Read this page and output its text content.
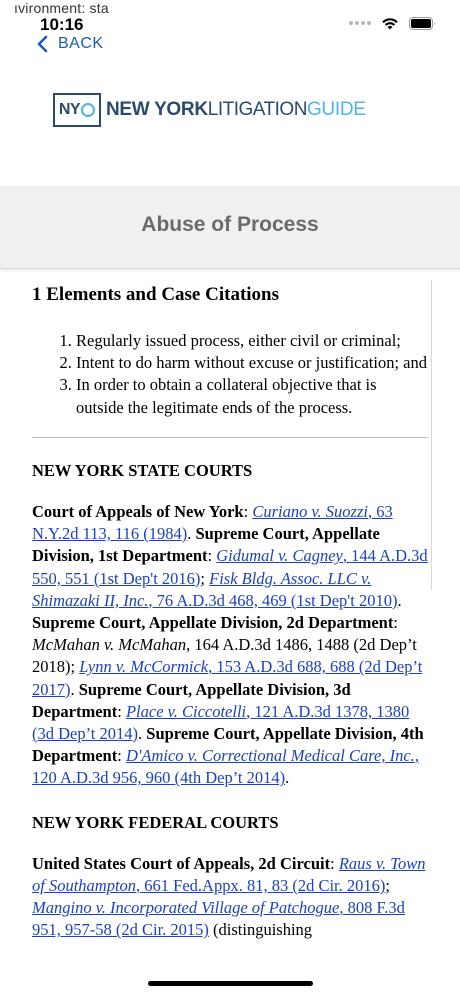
ıvironment: sta
10:16
BACK
NY NEW YORK LITIGATION GUIDE
Abuse of Process
1 Elements and Case Citations
1. Regularly issued process, either civil or criminal;
2. Intent to do harm without excuse or justification; and
3. In order to obtain a collateral objective that is outside the legitimate ends of the process.
NEW YORK STATE COURTS
Court of Appeals of New York: Curiano v. Suozzi, 63 N.Y.2d 113, 116 (1984). Supreme Court, Appellate Division, 1st Department: Gidumal v. Cagney, 144 A.D.3d 550, 551 (1st Dep't 2016); Fisk Bldg. Assoc. LLC v. Shimazaki II, Inc., 76 A.D.3d 468, 469 (1st Dep't 2010). Supreme Court, Appellate Division, 2d Department: McMahan v. McMahan, 164 A.D.3d 1486, 1488 (2d Dep’t 2018); Lynn v. McCormick, 153 A.D.3d 688, 688 (2d Dep’t 2017). Supreme Court, Appellate Division, 3d Department: Place v. Ciccotelli, 121 A.D.3d 1378, 1380 (3d Dep’t 2014). Supreme Court, Appellate Division, 4th Department: D'Amico v. Correctional Medical Care, Inc., 120 A.D.3d 956, 960 (4th Dep’t 2014).
NEW YORK FEDERAL COURTS
United States Court of Appeals, 2d Circuit: Raus v. Town of Southampton, 661 Fed.Appx. 81, 83 (2d Cir. 2016); Mangino v. Incorporated Village of Patchogue, 808 F.3d 951, 957-58 (2d Cir. 2015) (distinguishing
